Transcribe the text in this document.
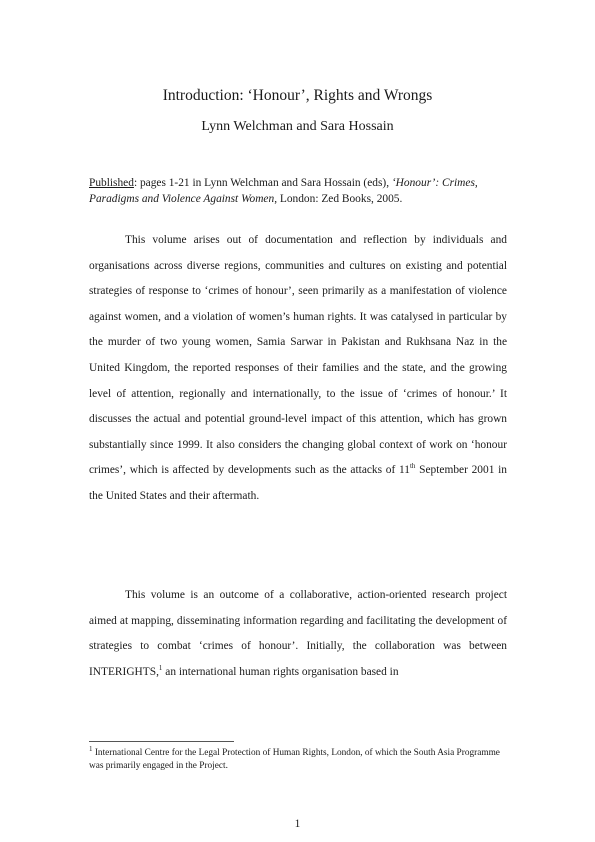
Introduction: ‘Honour’, Rights and Wrongs

Lynn Welchman and Sara Hossain

Published: pages 1-21 in Lynn Welchman and Sara Hossain (eds), ‘Honour’: Crimes, Paradigms and Violence Against Women, London: Zed Books, 2005.

This volume arises out of documentation and reflection by individuals and organisations across diverse regions, communities and cultures on existing and potential strategies of response to ‘crimes of honour’, seen primarily as a manifestation of violence against women, and a violation of women’s human rights. It was catalysed in particular by the murder of two young women, Samia Sarwar in Pakistan and Rukhsana Naz in the United Kingdom, the reported responses of their families and the state, and the growing level of attention, regionally and internationally, to the issue of ‘crimes of honour.’ It discusses the actual and potential ground-level impact of this attention, which has grown substantially since 1999. It also considers the changing global context of work on ‘honour crimes’, which is affected by developments such as the attacks of 11th September 2001 in the United States and their aftermath.

This volume is an outcome of a collaborative, action-oriented research project aimed at mapping, disseminating information regarding and facilitating the development of strategies to combat ‘crimes of honour’. Initially, the collaboration was between INTERIGHTS,$^1$ an international human rights organisation based in

$^1$ International Centre for the Legal Protection of Human Rights, London, of which the South Asia Programme was primarily engaged in the Project.

1
